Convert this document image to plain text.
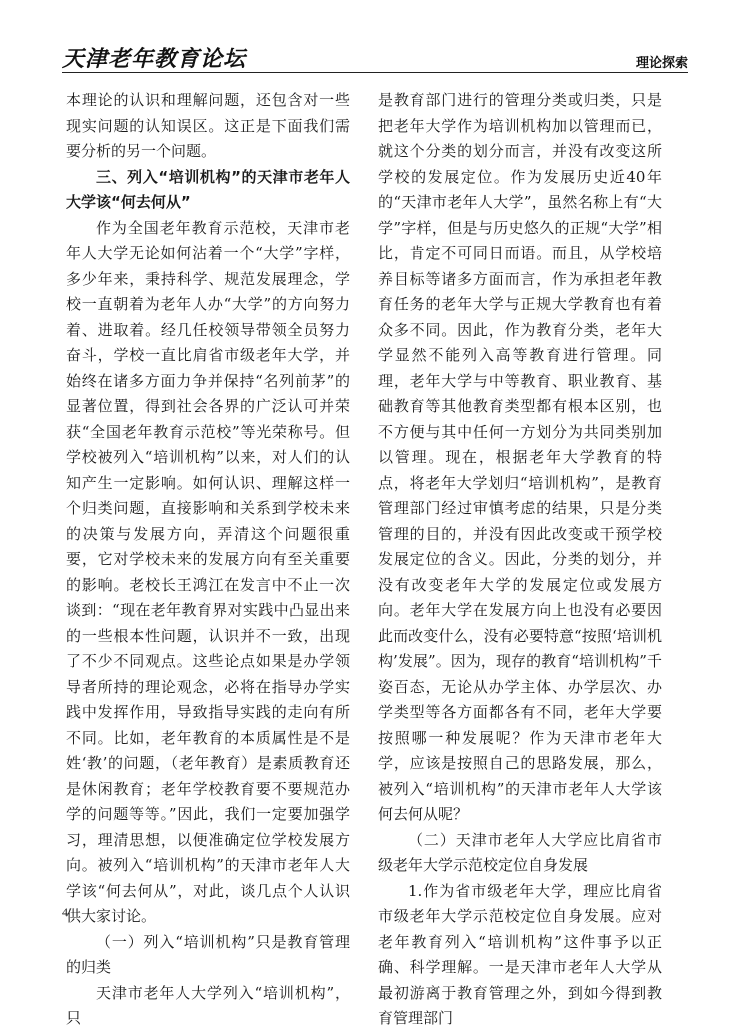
天津老年教育论坛	理论探索

本理论的认识和理解问题，还包含对一些现实问题的认知误区。这正是下面我们需要分析的另一个问题。

三、列入“培训机构”的天津市老年人大学该“何去何从”

作为全国老年教育示范校，天津市老年人大学无论如何沾着一个“大学”字样，多少年来，秉持科学、规范发展理念，学校一直朝着为老年人办“大学”的方向努力着、进取着。经几任校领导带领全员努力奋斗，学校一直比肩省市级老年大学，并始终在诸多方面力争并保持“名列前茅”的显著位置，得到社会各界的广泛认可并荣获“全国老年教育示范校”等光荣称号。但学校被列入“培训机构”以来，对人们的认知产生一定影响。如何认识、理解这样一个归类问题，直接影响和关系到学校未来的决策与发展方向，弄清这个问题很重要，它对学校未来的发展方向有至关重要的影响。老校长王鸿江在发言中不止一次谈到：“现在老年教育界对实践中凸显出来的一些根本性问题，认识并不一致，出现了不少不同观点。这些论点如果是办学领导者所持的理论观念，必将在指导办学实践中发挥作用，导致指导实践的走向有所不同。比如，老年教育的本质属性是不是姓‘教’的问题，（老年教育）是素质教育还是休闲教育；老年学校教育要不要规范办学的问题等等。”因此，我们一定要加强学习，理清思想，以便准确定位学校发展方向。被列入“培训机构”的天津市老年人大学该“何去何从”，对此，谈几点个人认识供大家讨论。

（一）列入“培训机构”只是教育管理的归类

天津市老年人大学列入“培训机构”，只

是教育部门进行的管理分类或归类，只是把老年大学作为培训机构加以管理而已，就这个分类的划分而言，并没有改变这所学校的发展定位。作为发展历史近40年的“天津市老年人大学”，虽然名称上有“大学”字样，但是与历史悠久的正规“大学”相比，肯定不可同日而语。而且，从学校培养目标等诸多方面而言，作为承担老年教育任务的老年大学与正规大学教育也有着众多不同。因此，作为教育分类，老年大学显然不能列入高等教育进行管理。同理，老年大学与中等教育、职业教育、基础教育等其他教育类型都有根本区别，也不方便与其中任何一方划分为共同类别加以管理。现在，根据老年大学教育的特点，将老年大学划归“培训机构”，是教育管理部门经过审慎考虑的结果，只是分类管理的目的，并没有因此改变或干预学校发展定位的含义。因此，分类的划分，并没有改变老年大学的发展定位或发展方向。老年大学在发展方向上也没有必要因此而改变什么，没有必要特意“按照‘培训机构’发展”。因为，现存的教育“培训机构”千姿百态，无论从办学主体、办学层次、办学类型等各方面都各有不同，老年大学要按照哪一种发展呢？作为天津市老年大学，应该是按照自己的思路发展，那么，被列入“培训机构”的天津市老年人大学该何去何从呢？

（二）天津市老年人大学应比肩省市级老年大学示范校定位自身发展

1.作为省市级老年大学，理应比肩省市级老年大学示范校定位自身发展。应对老年教育列入“培训机构”这件事予以正确、科学理解。一是天津市老年人大学从最初游离于教育管理之外，到如今得到教育管理部门

4
